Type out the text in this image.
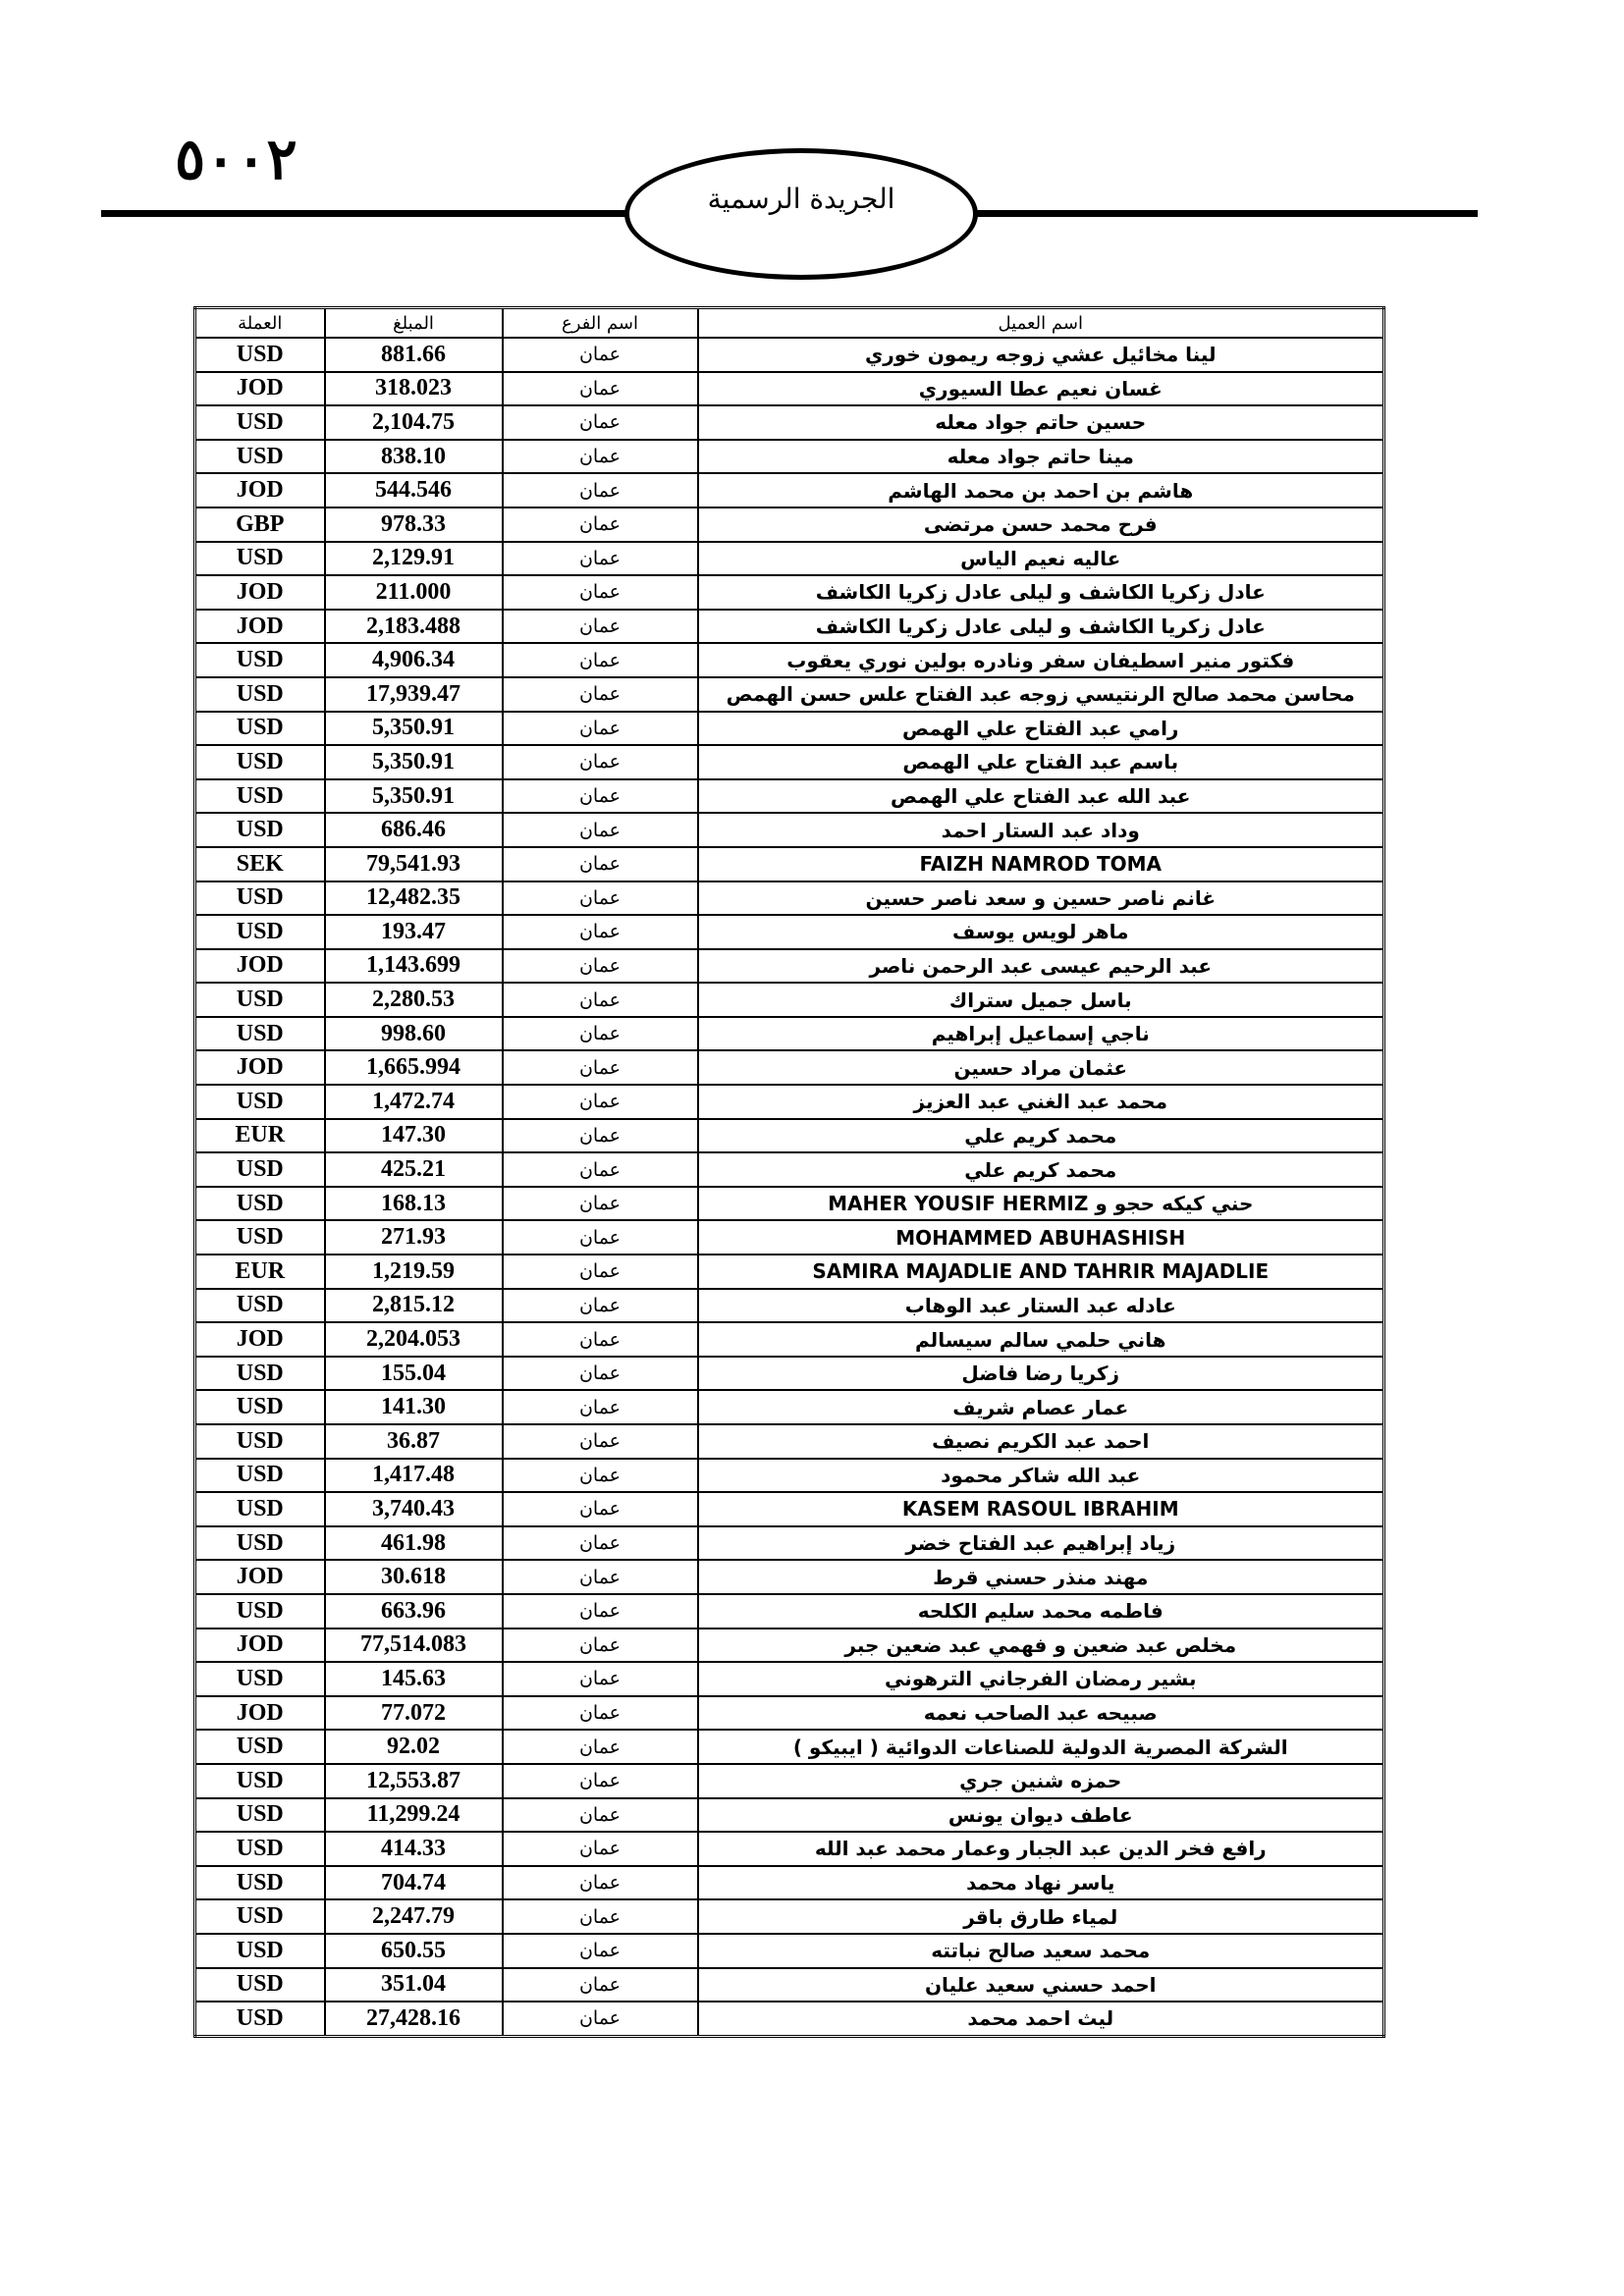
٥٠٠٢
الجريدة الرسمية
اسم العميل	اسم الفرع	المبلغ	العملة
لينا مخائيل عشي زوجه ريمون خوري	عمان	881.66	USD
غسان نعيم عطا السيوري	عمان	318.023	JOD
حسين حاتم جواد معله	عمان	2,104.75	USD
مينا حاتم جواد معله	عمان	838.10	USD
هاشم بن احمد بن محمد الهاشم	عمان	544.546	JOD
فرح محمد حسن مرتضى	عمان	978.33	GBP
عاليه نعيم الياس	عمان	2,129.91	USD
عادل زكريا الكاشف و ليلى عادل زكريا الكاشف	عمان	211.000	JOD
عادل زكريا الكاشف و ليلى عادل زكريا الكاشف	عمان	2,183.488	JOD
فكتور منير اسطيفان سفر ونادره بولين نوري يعقوب	عمان	4,906.34	USD
محاسن محمد صالح الرنتيسي زوجه عبد الفتاح علس حسن الهمص	عمان	17,939.47	USD
رامي عبد الفتاح علي الهمص	عمان	5,350.91	USD
باسم عبد الفتاح علي الهمص	عمان	5,350.91	USD
عبد الله عبد الفتاح علي الهمص	عمان	5,350.91	USD
وداد عبد الستار احمد	عمان	686.46	USD
FAIZH NAMROD TOMA	عمان	79,541.93	SEK
غانم ناصر حسين و سعد ناصر حسين	عمان	12,482.35	USD
ماهر لويس يوسف	عمان	193.47	USD
عبد الرحيم عيسى عبد الرحمن ناصر	عمان	1,143.699	JOD
باسل جميل ستراك	عمان	2,280.53	USD
ناجي إسماعيل إبراهيم	عمان	998.60	USD
عثمان مراد حسين	عمان	1,665.994	JOD
محمد عبد الغني عبد العزيز	عمان	1,472.74	USD
محمد كريم علي	عمان	147.30	EUR
محمد كريم علي	عمان	425.21	USD
حني كيكه حجو و MAHER YOUSIF HERMIZ	عمان	168.13	USD
MOHAMMED ABUHASHISH	عمان	271.93	USD
SAMIRA MAJADLIE AND TAHRIR MAJADLIE	عمان	1,219.59	EUR
عادله عبد الستار عبد الوهاب	عمان	2,815.12	USD
هاني حلمي سالم سيسالم	عمان	2,204.053	JOD
زكريا رضا فاضل	عمان	155.04	USD
عمار عصام شريف	عمان	141.30	USD
احمد عبد الكريم نصيف	عمان	36.87	USD
عبد الله شاكر محمود	عمان	1,417.48	USD
KASEM RASOUL IBRAHIM	عمان	3,740.43	USD
زياد إبراهيم عبد الفتاح خضر	عمان	461.98	USD
مهند منذر حسني قرط	عمان	30.618	JOD
فاطمه محمد سليم الكلحه	عمان	663.96	USD
مخلص عبد ضعين و فهمي عبد ضعين جبر	عمان	77,514.083	JOD
بشير رمضان الفرجاني الترهوني	عمان	145.63	USD
صبيحه عبد الصاحب نعمه	عمان	77.072	JOD
الشركة المصرية الدولية للصناعات الدوائية ( ايبيكو )	عمان	92.02	USD
حمزه شنين جري	عمان	12,553.87	USD
عاطف ديوان يونس	عمان	11,299.24	USD
رافع فخر الدين عبد الجبار وعمار محمد عبد الله	عمان	414.33	USD
ياسر نهاد محمد	عمان	704.74	USD
لمياء طارق باقر	عمان	2,247.79	USD
محمد سعيد صالح نباتته	عمان	650.55	USD
احمد حسني سعيد عليان	عمان	351.04	USD
ليث احمد محمد	عمان	27,428.16	USD
